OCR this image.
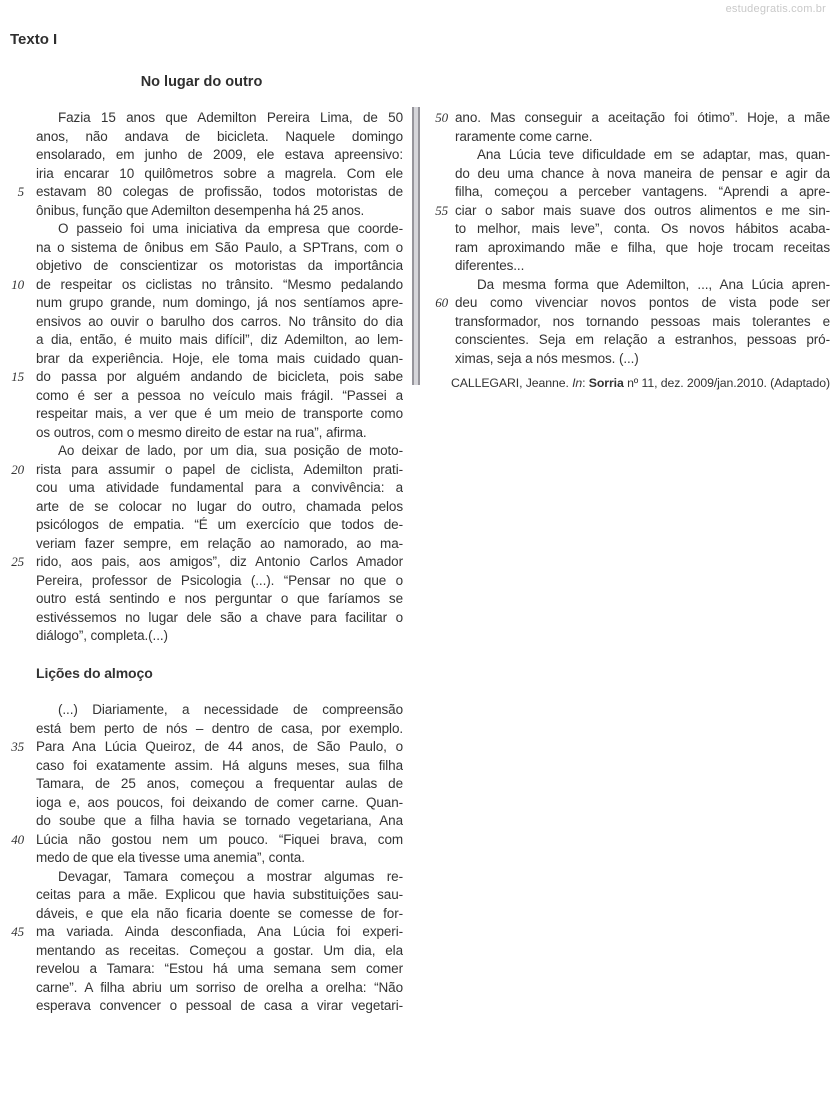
estudegratis.com.br
Texto I
No lugar do outro
Fazia 15 anos que Ademilton Pereira Lima, de 50
anos, não andava de bicicleta. Naquele domingo
ensolarado, em junho de 2009, ele estava apreensivo:
iria encarar 10 quilômetros sobre a magrela. Com ele
5 estavam 80 colegas de profissão, todos motoristas de
ônibus, função que Ademilton desempenha há 25 anos.
O passeio foi uma iniciativa da empresa que coorde-
na o sistema de ônibus em São Paulo, a SPTrans, com o
objetivo de conscientizar os motoristas da importância
10 de respeitar os ciclistas no trânsito. “Mesmo pedalando
num grupo grande, num domingo, já nos sentíamos apre-
ensivos ao ouvir o barulho dos carros. No trânsito do dia
a dia, então, é muito mais difícil”, diz Ademilton, ao lem-
brar da experiência. Hoje, ele toma mais cuidado quan-
15 do passa por alguém andando de bicicleta, pois sabe
como é ser a pessoa no veículo mais frágil. “Passei a
respeitar mais, a ver que é um meio de transporte como
os outros, com o mesmo direito de estar na rua”, afirma.
Ao deixar de lado, por um dia, sua posição de moto-
20 rista para assumir o papel de ciclista, Ademilton prati-
cou uma atividade fundamental para a convivência: a
arte de se colocar no lugar do outro, chamada pelos
psicólogos de empatia. “É um exercício que todos de-
veriam fazer sempre, em relação ao namorado, ao ma-
25 rido, aos pais, aos amigos”, diz Antonio Carlos Amador
Pereira, professor de Psicologia (...). “Pensar no que o
outro está sentindo e nos perguntar o que faríamos se
estivéssemos no lugar dele são a chave para facilitar o
diálogo”, completa.(...)
Lições do almoço
(...) Diariamente, a necessidade de compreensão
está bem perto de nós – dentro de casa, por exemplo.
35 Para Ana Lúcia Queiroz, de 44 anos, de São Paulo, o
caso foi exatamente assim. Há alguns meses, sua filha
Tamara, de 25 anos, começou a frequentar aulas de
ioga e, aos poucos, foi deixando de comer carne. Quan-
do soube que a filha havia se tornado vegetariana, Ana
40 Lúcia não gostou nem um pouco. “Fiquei brava, com
medo de que ela tivesse uma anemia”, conta.
Devagar, Tamara começou a mostrar algumas re-
ceitas para a mãe. Explicou que havia substituições sau-
dáveis, e que ela não ficaria doente se comesse de for-
45 ma variada. Ainda desconfiada, Ana Lúcia foi experi-
mentando as receitas. Começou a gostar. Um dia, ela
revelou a Tamara: “Estou há uma semana sem comer
carne”. A filha abriu um sorriso de orelha a orelha: “Não
esperava convencer o pessoal de casa a virar vegetari-
50 ano. Mas conseguir a aceitação foi ótimo”. Hoje, a mãe
raramente come carne.
Ana Lúcia teve dificuldade em se adaptar, mas, quan-
do deu uma chance à nova maneira de pensar e agir da
filha, começou a perceber vantagens. “Aprendi a apre-
55 ciar o sabor mais suave dos outros alimentos e me sin-
to melhor, mais leve”, conta. Os novos hábitos acaba-
ram aproximando mãe e filha, que hoje trocam receitas
diferentes...
Da mesma forma que Ademilton, ..., Ana Lúcia apren-
60 deu como vivenciar novos pontos de vista pode ser
transformador, nos tornando pessoas mais tolerantes e
conscientes. Seja em relação a estranhos, pessoas pró-
ximas, seja a nós mesmos. (...)
CALLEGARI, Jeanne. In: Sorria nº 11, dez. 2009/jan.2010. (Adaptado)
